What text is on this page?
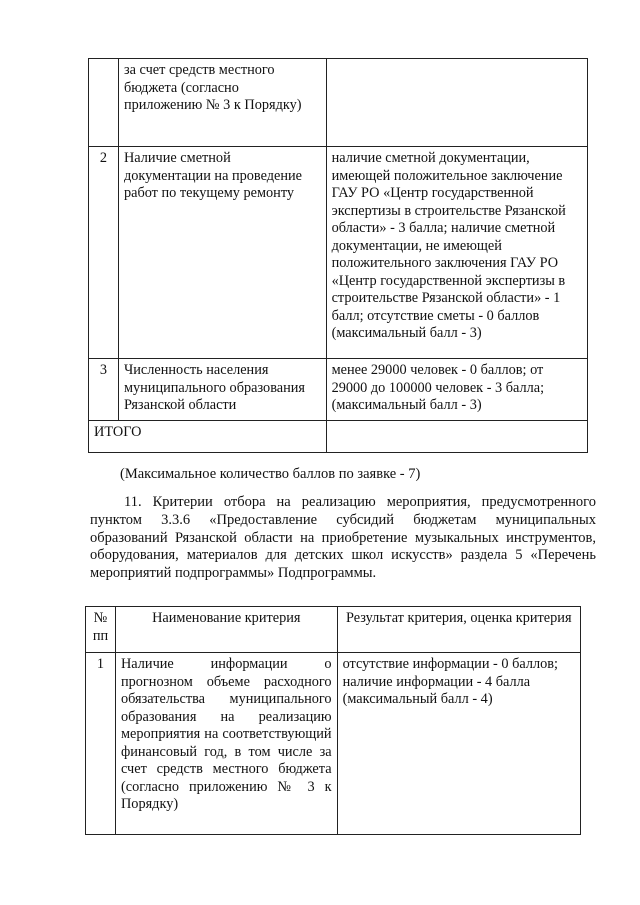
	за счет средств местного бюджета (согласно приложению № 3 к Порядку)	
2	Наличие сметной документации на проведение работ по текущему ремонту	наличие сметной документации, имеющей положительное заключение ГАУ РО «Центр государственной экспертизы в строительстве Рязанской области» - 3 балла; наличие сметной документации, не имеющей положительного заключения ГАУ РО «Центр государственной экспертизы в строительстве Рязанской области» - 1 балл; отсутствие сметы - 0 баллов (максимальный балл - 3)
3	Численность населения муниципального образования Рязанской области	менее 29000 человек - 0 баллов; от 29000 до 100000 человек - 3 балла; (максимальный балл - 3)
ИТОГО		
(Максимальное количество баллов по заявке - 7)
11. Критерии отбора на реализацию мероприятия, предусмотренного пунктом 3.3.6 «Предоставление субсидий бюджетам муниципальных образований Рязанской области на приобретение музыкальных инструментов, оборудования, материалов для детских школ искусств» раздела 5 «Перечень мероприятий подпрограммы» Подпрограммы.
№ пп	Наименование критерия	Результат критерия, оценка критерия
1	Наличие информации о прогнозном объеме расходного обязательства муниципального образования на реализацию мероприятия на соответствующий финансовый год, в том числе за счет средств местного бюджета (согласно приложению № 3 к Порядку)	отсутствие информации - 0 баллов; наличие информации - 4 балла (максимальный балл - 4)
